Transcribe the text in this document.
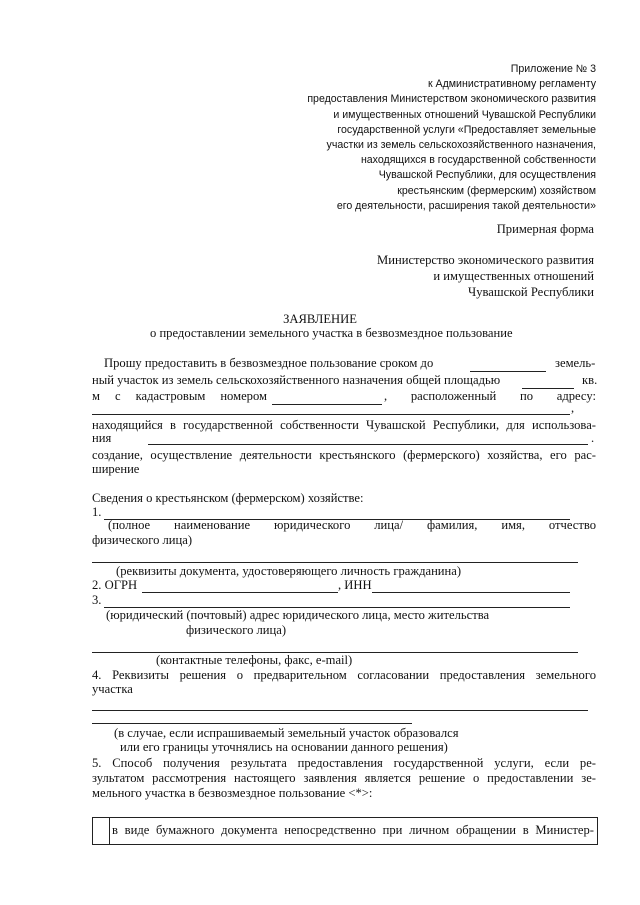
Приложение № 3
к Административному регламенту
предоставления Министерством экономического развития
и имущественных отношений Чувашской Республики
государственной услуги «Предоставляет земельные
участки из земель сельскохозяйственного назначения,
находящихся в государственной собственности
Чувашской Республики, для осуществления
крестьянским (фермерским) хозяйством
его деятельности, расширения такой деятельности»
Примерная форма
Министерство экономического развития
и имущественных отношений
Чувашской Республики
ЗАЯВЛЕНИЕ
о предоставлении земельного участка в безвозмездное пользование
Прошу предоставить в безвозмездное пользование сроком до	земель-
ный участок из земель сельскохозяйственного назначения общей площадью	кв.
м с кадастровым номером	, расположенный по адресу:
,
находящийся в государственной собственности Чувашской Республики, для использова-
ния	.
создание, осуществление деятельности крестьянского (фермерского) хозяйства, его рас-
ширение
Сведения о крестьянском (фермерском) хозяйстве:
1.
(полное наименование юридического лица/ фамилия, имя, отчество
физического лица)
(реквизиты документа, удостоверяющего личность гражданина)
2. ОГРН	, ИНН
3.
(юридический (почтовый) адрес юридического лица, место жительства
физического лица)
(контактные телефоны, факс, e-mail)
4. Реквизиты решения о предварительном согласовании предоставления земельного
участка
(в случае, если испрашиваемый земельный участок образовался
или его границы уточнялись на основании данного решения)
5. Способ получения результата предоставления государственной услуги, если ре-
зультатом рассмотрения настоящего заявления является решение о предоставлении зе-
мельного участка в безвозмездное пользование <*>:
в виде бумажного документа непосредственно при личном обращении в Министер-
